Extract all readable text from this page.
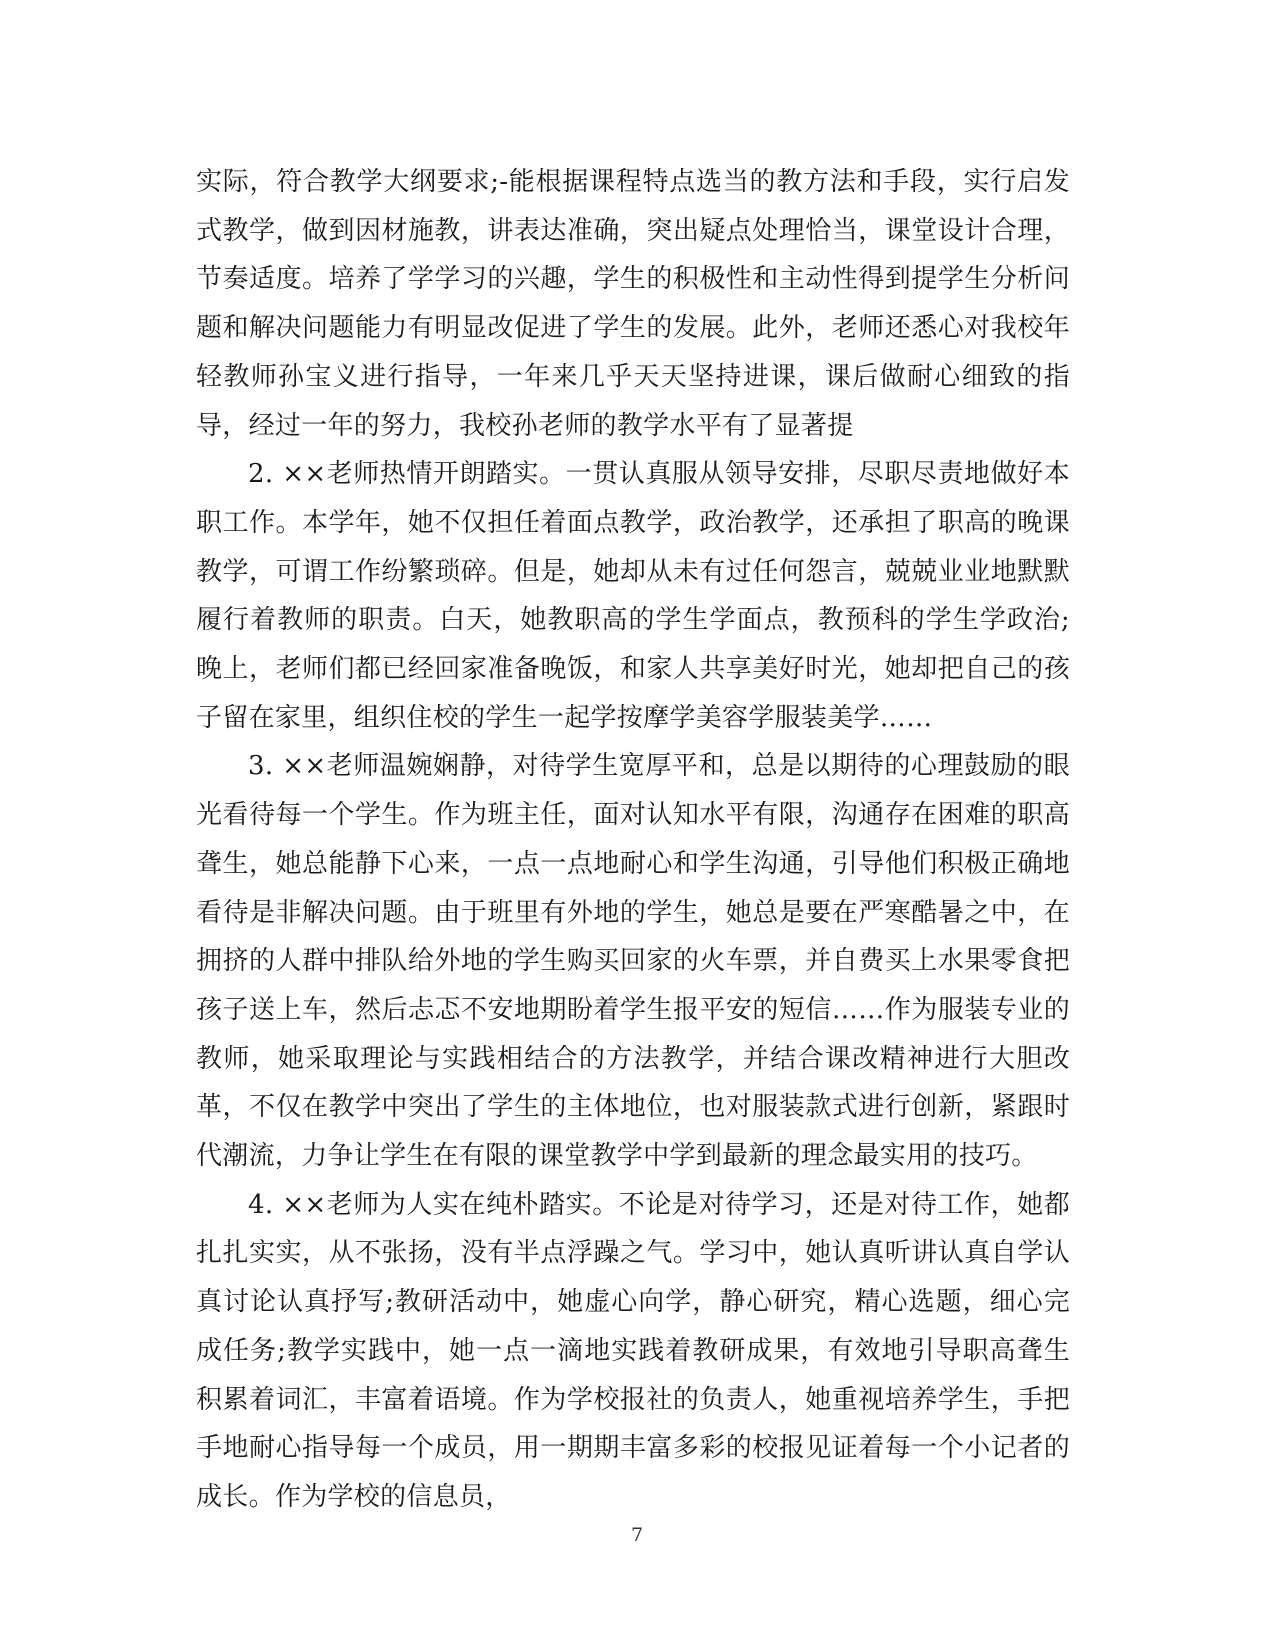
实际，符合教学大纲要求;-能根据课程特点选当的教方法和手段，实行启发式教学，做到因材施教，讲表达准确，突出疑点处理恰当，课堂设计合理，节奏适度。培养了学学习的兴趣，学生的积极性和主动性得到提学生分析问题和解决问题能力有明显改促进了学生的发展。此外，老师还悉心对我校年轻教师孙宝义进行指导，一年来几乎天天坚持进课，课后做耐心细致的指导，经过一年的努力，我校孙老师的教学水平有了显著提

2. ××老师热情开朗踏实。一贯认真服从领导安排，尽职尽责地做好本职工作。本学年，她不仅担任着面点教学，政治教学，还承担了职高的晚课教学，可谓工作纷繁琐碎。但是，她却从未有过任何怨言，兢兢业业地默默履行着教师的职责。白天，她教职高的学生学面点，教预科的学生学政治;晚上，老师们都已经回家准备晚饭，和家人共享美好时光，她却把自己的孩子留在家里，组织住校的学生一起学按摩学美容学服装美学……

3. ××老师温婉娴静，对待学生宽厚平和，总是以期待的心理鼓励的眼光看待每一个学生。作为班主任，面对认知水平有限，沟通存在困难的职高聋生，她总能静下心来，一点一点地耐心和学生沟通，引导他们积极正确地看待是非解决问题。由于班里有外地的学生，她总是要在严寒酷暑之中，在拥挤的人群中排队给外地的学生购买回家的火车票，并自费买上水果零食把孩子送上车，然后忐忑不安地期盼着学生报平安的短信……作为服装专业的教师，她采取理论与实践相结合的方法教学，并结合课改精神进行大胆改革，不仅在教学中突出了学生的主体地位，也对服装款式进行创新，紧跟时代潮流，力争让学生在有限的课堂教学中学到最新的理念最实用的技巧。

4. ××老师为人实在纯朴踏实。不论是对待学习，还是对待工作，她都扎扎实实，从不张扬，没有半点浮躁之气。学习中，她认真听讲认真自学认真讨论认真抒写;教研活动中，她虚心向学，静心研究，精心选题，细心完成任务;教学实践中，她一点一滴地实践着教研成果，有效地引导职高聋生积累着词汇，丰富着语境。作为学校报社的负责人，她重视培养学生，手把手地耐心指导每一个成员，用一期期丰富多彩的校报见证着每一个小记者的成长。作为学校的信息员，

7
